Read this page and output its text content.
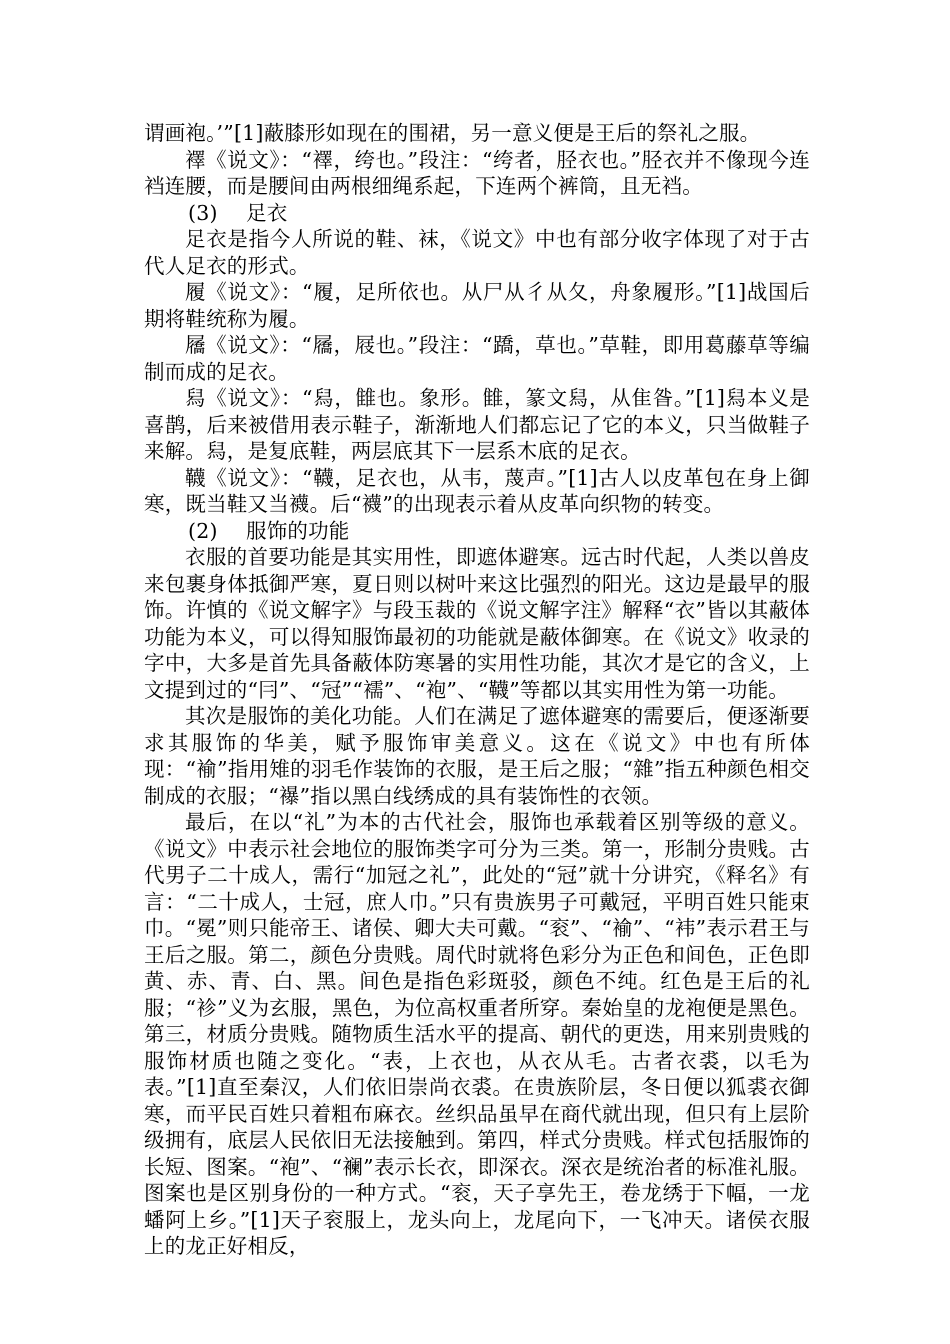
谓画袍。’”[1]蔽膝形如现在的围裙，另一意义便是王后的祭礼之服。

襗《说文》：“襗，绔也。”段注：“绔者，胫衣也。”胫衣并不像现今连裆连腰，而是腰间由两根细绳系起，下连两个裤筒，且无裆。

(3) 足衣

足衣是指今人所说的鞋、袜，《说文》中也有部分收字体现了对于古代人足衣的形式。

履《说文》：“履，足所依也。从尸从彳从夂，舟象履形。”[1]战国后期将鞋统称为履。

屩《说文》：“屩，屐也。”段注：“蹻，草也。”草鞋，即用葛藤草等编制而成的足衣。

舄《说文》：“舄，雔也。象形。雔，篆文舄，从隹昝。”[1]舄本义是喜鹊，后来被借用表示鞋子，渐渐地人们都忘记了它的本义，只当做鞋子来解。舄，是复底鞋，两层底其下一层系木底的足衣。

韈《说文》：“韈，足衣也，从韦，蔑声。”[1]古人以皮革包在身上御寒，既当鞋又当襪。后“襪”的出现表示着从皮革向织物的转变。

(2) 服饰的功能

衣服的首要功能是其实用性，即遮体避寒。远古时代起，人类以兽皮来包裹身体抵御严寒，夏日则以树叶来这比强烈的阳光。这边是最早的服饰。许慎的《说文解字》与段玉裁的《说文解字注》解释“衣”皆以其蔽体功能为本义，可以得知服饰最初的功能就是蔽体御寒。在《说文》收录的字中，大多是首先具备蔽体防寒暑的实用性功能，其次才是它的含义，上文提到过的“冃”、“冠”“襦”、“袍”、“韈”等都以其实用性为第一功能。

其次是服饰的美化功能。人们在满足了遮体避寒的需要后，便逐渐要求其服饰的华美，赋予服饰审美意义。这在《说文》中也有所体现：“褕”指用雉的羽毛作装饰的衣服，是王后之服；“雜”指五种颜色相交制成的衣服；“襮”指以黑白线绣成的具有装饰性的衣领。

最后，在以“礼”为本的古代社会，服饰也承载着区别等级的意义。《说文》中表示社会地位的服饰类字可分为三类。第一，形制分贵贱。古代男子二十成人，需行“加冠之礼”，此处的“冠”就十分讲究，《释名》有言：“二十成人，士冠，庶人巾。”只有贵族男子可戴冠，平明百姓只能束巾。“冕”则只能帝王、诸侯、卿大夫可戴。“衮”、“褕”、“袆”表示君王与王后之服。第二，颜色分贵贱。周代时就将色彩分为正色和间色，正色即黄、赤、青、白、黑。间色是指色彩斑驳，颜色不纯。红色是王后的礼服；“袗”义为玄服，黑色，为位高权重者所穿。秦始皇的龙袍便是黑色。第三，材质分贵贱。随物质生活水平的提高、朝代的更迭，用来别贵贱的服饰材质也随之变化。“表，上衣也，从衣从毛。古者衣裘，以毛为表。”[1]直至秦汉，人们依旧崇尚衣裘。在贵族阶层，冬日便以狐裘衣御寒，而平民百姓只着粗布麻衣。丝织品虽早在商代就出现，但只有上层阶级拥有，底层人民依旧无法接触到。第四，样式分贵贱。样式包括服饰的长短、图案。“袍”、“襕”表示长衣，即深衣。深衣是统治者的标准礼服。图案也是区别身份的一种方式。“衮，天子享先王，卷龙绣于下幅，一龙蟠阿上乡。”[1]天子衮服上，龙头向上，龙尾向下，一飞冲天。诸侯衣服上的龙正好相反，
